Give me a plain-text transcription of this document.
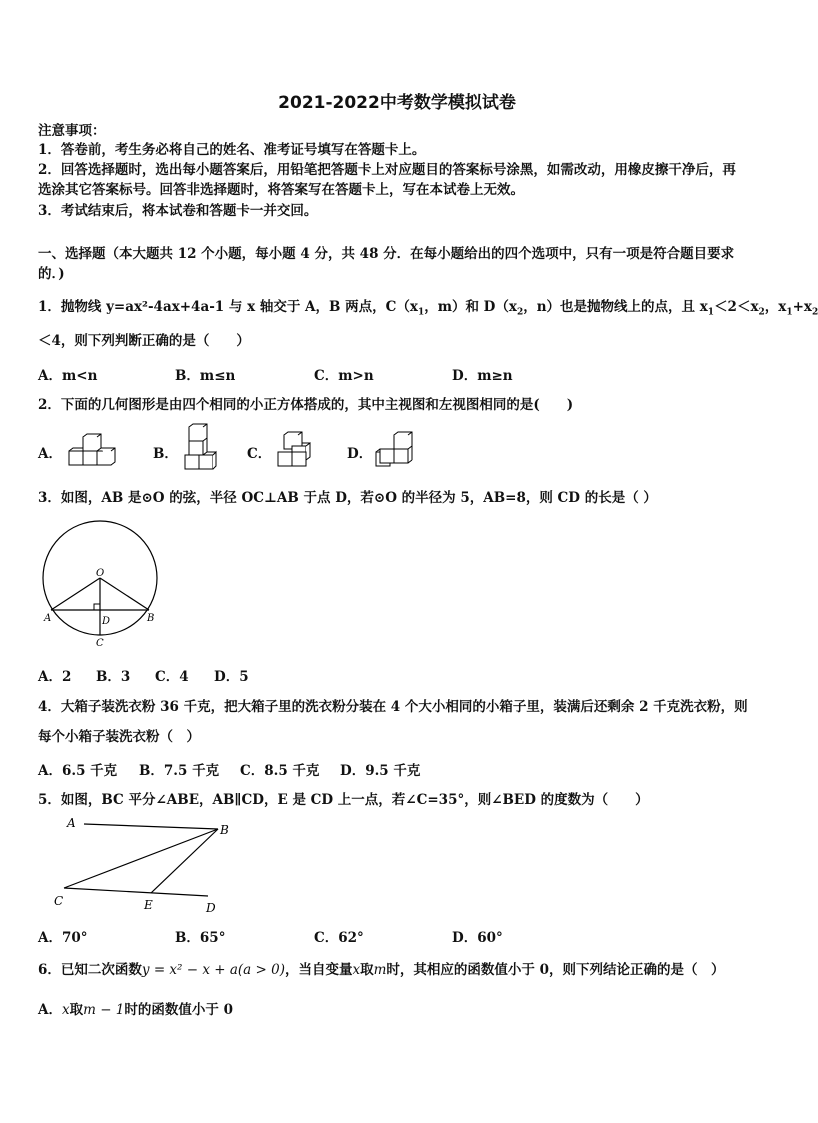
2021-2022中考数学模拟试卷
注意事项：
1．答卷前，考生务必将自己的姓名、准考证号填写在答题卡上。
2．回答选择题时，选出每小题答案后，用铅笔把答题卡上对应题目的答案标号涂黑，如需改动，用橡皮擦干净后，再
选涂其它答案标号。回答非选择题时，将答案写在答题卡上，写在本试卷上无效。
3．考试结束后，将本试卷和答题卡一并交回。
一、选择题（本大题共 12 个小题，每小题 4 分，共 48 分．在每小题给出的四个选项中，只有一项是符合题目要求
的．)
1．抛物线 y=ax²-4ax+4a-1 与 x 轴交于 A，B 两点，$C(x_1$，m）和 $D(x_2$，n）也是抛物线上的点，且 $x_1<2<x_2$，$x_1+x_2$
＜4，则下列判断正确的是（　　）
A．m<n	B．m≤n	C．m>n	D．m≥n
2．下面的几何图形是由四个相同的小正方体搭成的，其中主视图和左视图相同的是(　　)
A．	B．	C．	D．
3．如图，AB 是⊙O 的弦，半径 OC⊥AB 于点 D，若⊙O 的半径为 5，AB=8，则 CD 的长是（ ）
O
A	B
D
C
A．2 B．3 C．4 D．5
4．大箱子装洗衣粉 36 千克，把大箱子里的洗衣粉分装在 4 个大小相同的小箱子里，装满后还剩余 2 千克洗衣粉，则
每个小箱子装洗衣粉（　）
A．6.5 千克 B．7.5 千克 C．8.5 千克 D．9.5 千克
5．如图，BC 平分∠ABE，AB∥CD，E 是 CD 上一点，若∠C=35°，则∠BED 的度数为（　　）
A	B
C	E	D
A．70°	B．65°	C．62°	D．60°
6．已知二次函数y = x² − x + a(a > 0)，当自变量x取m时，其相应的函数值小于 0，则下列结论正确的是（　）
A．x取m − 1时的函数值小于 0
